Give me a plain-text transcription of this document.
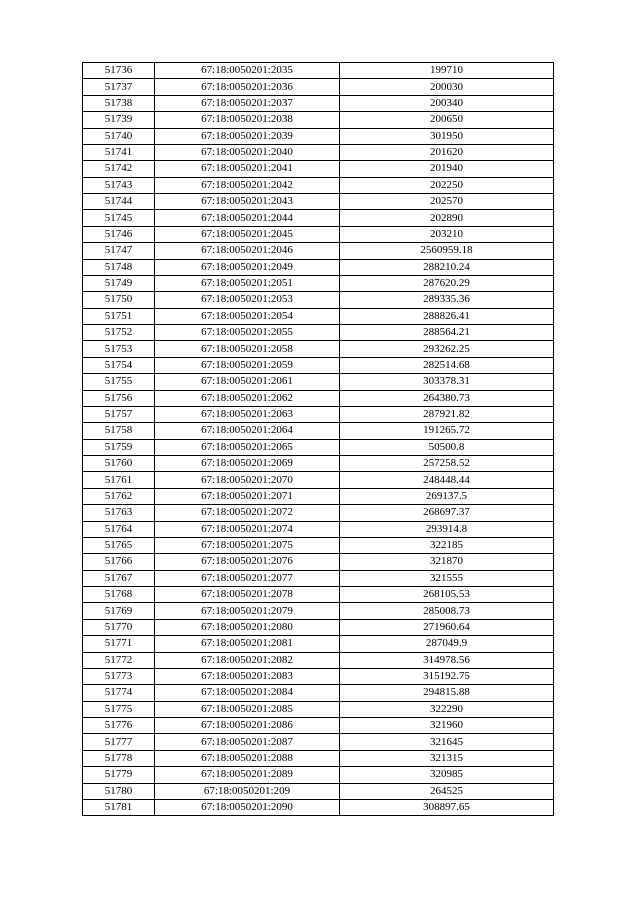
51736	67:18:0050201:2035	199710
51737	67:18:0050201:2036	200030
51738	67:18:0050201:2037	200340
51739	67:18:0050201:2038	200650
51740	67:18:0050201:2039	301950
51741	67:18:0050201:2040	201620
51742	67:18:0050201:2041	201940
51743	67:18:0050201:2042	202250
51744	67:18:0050201:2043	202570
51745	67:18:0050201:2044	202890
51746	67:18:0050201:2045	203210
51747	67:18:0050201:2046	2560959.18
51748	67:18:0050201:2049	288210.24
51749	67:18:0050201:2051	287620.29
51750	67:18:0050201:2053	289335.36
51751	67:18:0050201:2054	288826.41
51752	67:18:0050201:2055	288564.21
51753	67:18:0050201:2058	293262.25
51754	67:18:0050201:2059	282514.68
51755	67:18:0050201:2061	303378.31
51756	67:18:0050201:2062	264380.73
51757	67:18:0050201:2063	287921.82
51758	67:18:0050201:2064	191265.72
51759	67:18:0050201:2065	50500.8
51760	67:18:0050201:2069	257258.52
51761	67:18:0050201:2070	248448.44
51762	67:18:0050201:2071	269137.5
51763	67:18:0050201:2072	268697.37
51764	67:18:0050201:2074	293914.8
51765	67:18:0050201:2075	322185
51766	67:18:0050201:2076	321870
51767	67:18:0050201:2077	321555
51768	67:18:0050201:2078	268105.53
51769	67:18:0050201:2079	285008.73
51770	67:18:0050201:2080	271960.64
51771	67:18:0050201:2081	287049.9
51772	67:18:0050201:2082	314978.56
51773	67:18:0050201:2083	315192.75
51774	67:18:0050201:2084	294815.88
51775	67:18:0050201:2085	322290
51776	67:18:0050201:2086	321960
51777	67:18:0050201:2087	321645
51778	67:18:0050201:2088	321315
51779	67:18:0050201:2089	320985
51780	67:18:0050201:209	264525
51781	67:18:0050201:2090	308897.65
